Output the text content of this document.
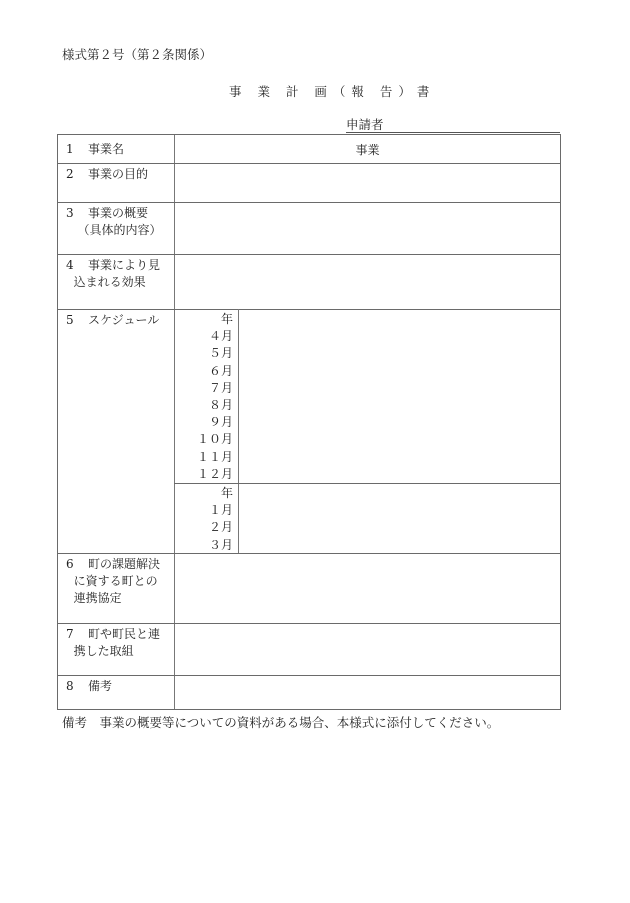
様式第２号（第２条関係）
事 業 計 画（報 告）書
申請者
1 事業名	事業
2 事業の目的
3 事業の概要
（具体的内容）
4 事業により見
込まれる効果
5 スケジュール	年
４月
５月
６月
７月
８月
９月
１０月
１１月
１２月
年
１月
２月
３月
6 町の課題解決
に資する町との
連携協定
7 町や町民と連
携した取組
8 備考
備考　事業の概要等についての資料がある場合、本様式に添付してください。
